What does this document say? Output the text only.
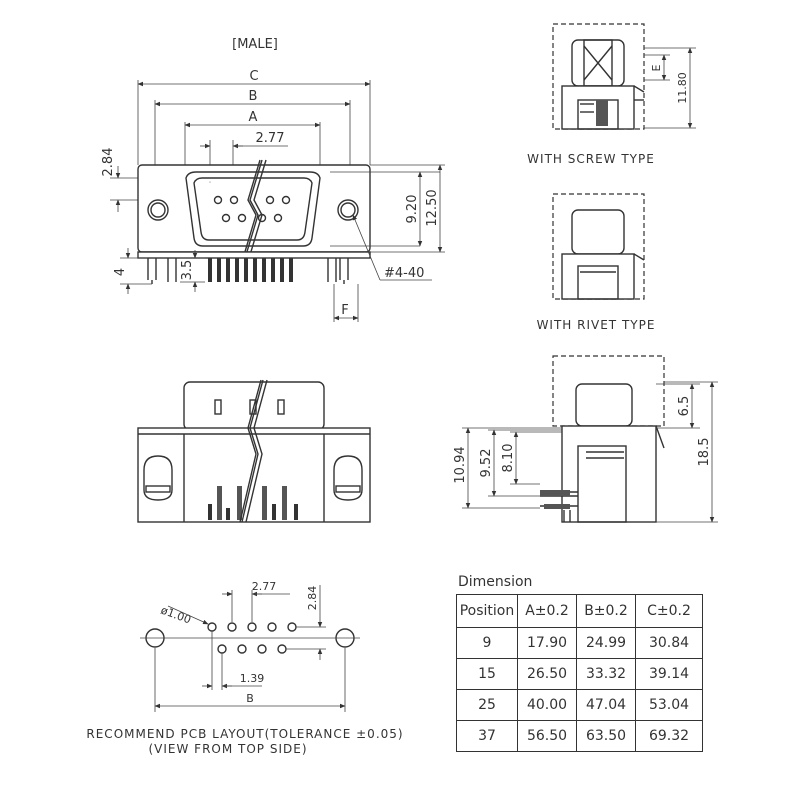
[MALE]
C
B
A
2.77
2.84
9.20 12.50
3.5
4	#4-40
F
E
11.80
WITH SCREW TYPE
WITH RIVET TYPE
6.5
18.5
10.94 9.52 8.10
ø1.00
2.77	2.84
1.39
B
RECOMMEND PCB LAYOUT(TOLERANCE ±0.05)
(VIEW FROM TOP SIDE)
Dimension
Position	A±0.2	B±0.2	C±0.2
9	17.90	24.99	30.84
15	26.50	33.32	39.14
25	40.00	47.04	53.04
37	56.50	63.50	69.32
